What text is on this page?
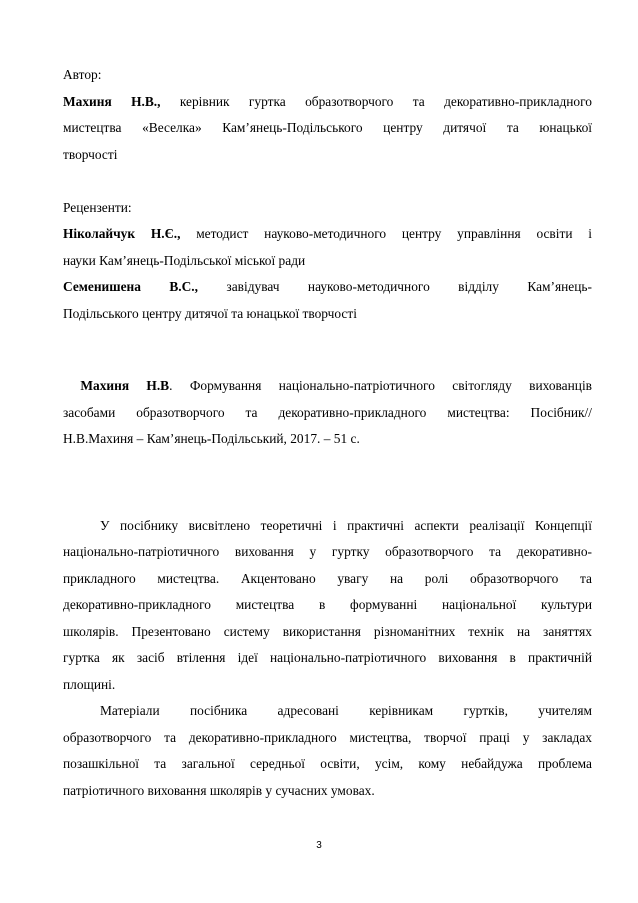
Автор:
Махиня Н.В., керівник гуртка образотворчого та декоративно-прикладного
мистецтва «Веселка» Кам’янець-Подільського центру дитячої та юнацької
творчості
Рецензенти:
Ніколайчук Н.Є., методист науково-методичного центру управління освіти і
науки Кам’янець-Подільської міської ради
Семенишена В.С., завідувач науково-методичного відділу Кам’янець-
Подільського центру дитячої та юнацької творчості
Махиня Н.В. Формування національно-патріотичного світогляду вихованців
засобами образотворчого та декоративно-прикладного мистецтва: Посібник//
Н.В.Махиня – Кам’янець-Подільський, 2017. – 51 с.
У посібнику висвітлено теоретичні і практичні аспекти реалізації Концепції
національно-патріотичного виховання у гуртку образотворчого та декоративно-
прикладного мистецтва. Акцентовано увагу на ролі образотворчого та
декоративно-прикладного мистецтва в формуванні національної культури
школярів. Презентовано систему використання різноманітних технік на заняттях
гуртка як засіб втілення ідеї національно-патріотичного виховання в практичній
площині.
Матеріали посібника адресовані керівникам гуртків, учителям
образотворчого та декоративно-прикладного мистецтва, творчої праці у закладах
позашкільної та загальної середньої освіти, усім, кому небайдужа проблема
патріотичного виховання школярів у сучасних умовах.
3
